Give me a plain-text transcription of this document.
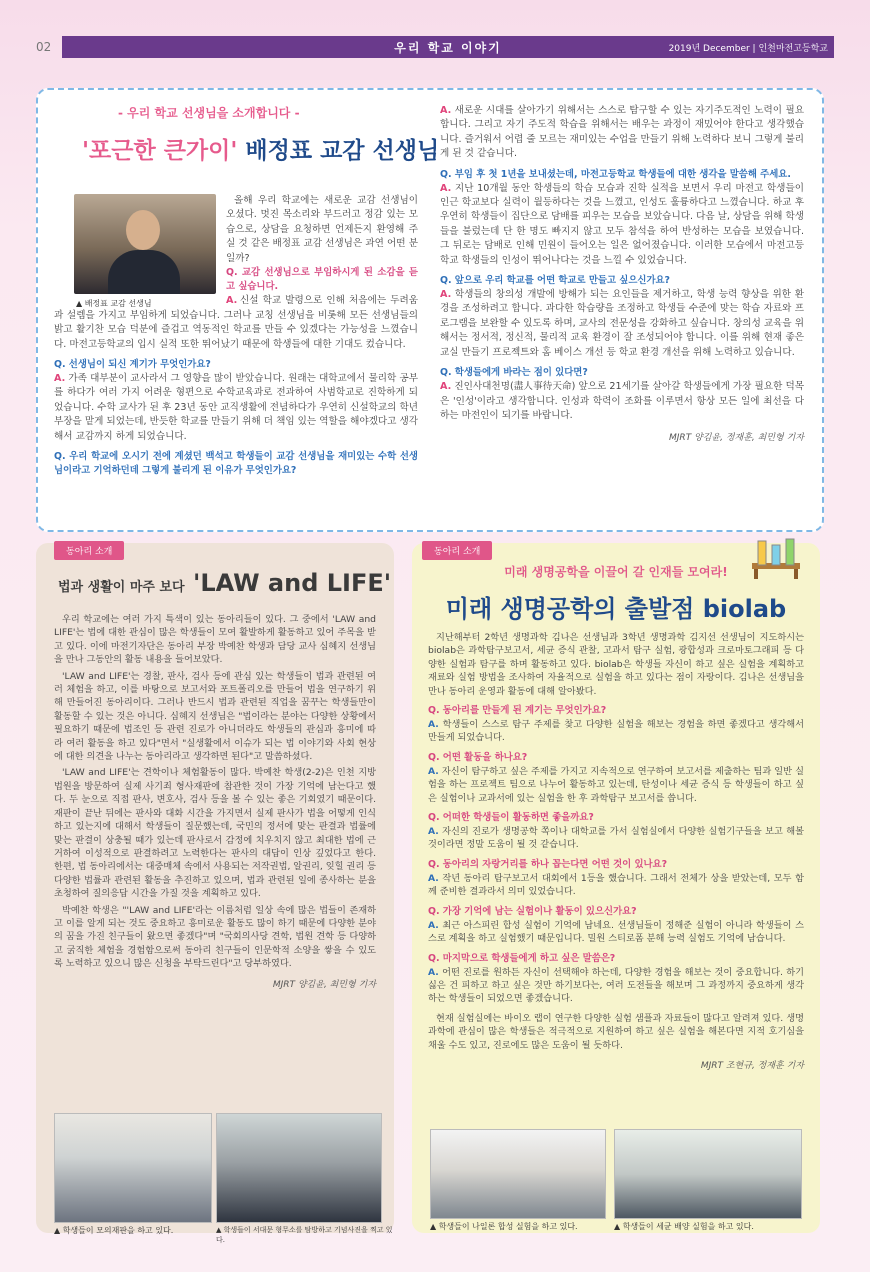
02	우리 학교 이야기	2019년 December | 인천마전고등학교
- 우리 학교 선생님을 소개합니다 -
'포근한 큰가이' 배정표 교감 선생님
▲ 배정표 교감 선생님

올해 우리 학교에는 새로운 교감 선생님이 오셨다. 멋진 목소리와 부드러고 정감 있는 모습으로, 상담을 요청하면 언제든지 환영해 주실 것 같은 배정표 교감 선생님은 과연 어떤 분일까?

Q. 교감 선생님으로 부임하시게 된 소감을 듣고 싶습니다.

A. 신설 학교 발령으로 인해 처음에는 두려움과 설렘을 가지고 부임하게 되었습니다. 그러나 교칭 선생님을 비롯해 모든 선생님들의 밝고 활기찬 모습 덕분에 즐겁고 역동적인 학교를 만들 수 있겠다는 가능성을 느꼈습니다. 마전고등학교의 입시 실적 또한 뛰어났기 때문에 학생들에 대한 기대도 컸습니다.

Q. 선생님이 되신 계기가 무엇인가요?

A. 가족 대부분이 교사라서 그 영향을 많이 받았습니다. 원래는 대학교에서 물리학 공부를 하다가 여러 가지 어려운 형편으로 수학교육과로 전과하여 사범학교로 진학하게 되었습니다. 수학 교사가 된 후 23년 동안 교직생활에 전념하다가 우연히 신설학교의 학년 부장을 맡게 되었는데, 반듯한 학교를 만들기 위해 더 책임 있는 역할을 해야겠다고 생각해서 교감까지 하게 되었습니다.

Q. 우리 학교에 오시기 전에 계셨던 백석고 학생들이 교감 선생님을 재미있는 수학 선생님이라고 기억하던데 그렇게 불리게 된 이유가 무엇인가요?

A. 새로운 시대를 살아가기 위해서는 스스로 탐구할 수 있는 자기주도적인 노력이 필요합니다. 그리고 자기 주도적 학습을 위해서는 배우는 과정이 재밌어야 한다고 생각했습니다. 즐거워서 어렵 줄 모르는 재미있는 수업을 만들기 위해 노력하다 보니 그렇게 불리게 된 것 같습니다.

Q. 부임 후 첫 1년을 보내셨는데, 마전고등학교 학생들에 대한 생각을 말씀해 주세요.

A. 지난 10개월 동안 학생들의 학습 모습과 진학 실적을 보면서 우리 마전고 학생들이 인근 학교보다 실력이 월등하다는 것을 느꼈고, 인성도 훌륭하다고 느꼈습니다. 하교 후 우연히 학생들이 집단으로 담배를 피우는 모습을 보았습니다. 다음 날, 상담을 위해 학생들을 불렀는데 단 한 명도 빠지지 않고 모두 참석을 하여 반성하는 모습을 보였습니다. 그 뒤로는 담배로 인해 민원이 들어오는 일은 없어졌습니다. 이러한 모습에서 마전고등학교 학생들의 인성이 뛰어나다는 것을 느낄 수 있었습니다.

Q. 앞으로 우리 학교를 어떤 학교로 만들고 싶으신가요?

A. 학생들의 창의성 개발에 방해가 되는 요인들을 제거하고, 학생 능력 향상을 위한 환경을 조성하려고 합니다. 과다한 학습량을 조정하고 학생들 수준에 맞는 학습 자료와 프로그램을 보완할 수 있도록 하며, 교사의 전문성을 강화하고 싶습니다. 창의성 교육을 위해서는 정서적, 정신적, 물리적 교육 환경이 잘 조성되어야 합니다. 이를 위해 현재 좋은 교실 만들기 프로젝트와 홈 베이스 개선 등 학교 환경 개선을 위해 노력하고 있습니다.

Q. 학생들에게 바라는 점이 있다면?

A. 진인사대천명(盡人事待天命) 앞으로 21세기를 살아갈 학생들에게 가장 필요한 덕목은 '인성'이라고 생각합니다. 인성과 학력이 조화를 이루면서 항상 모든 일에 최선을 다하는 마전인이 되기를 바랍니다.

MJRT 양김윤, 정재훈, 최민형 기자
동아리 소개
법과 생활이 마주 보다 'LAW and LIFE'

우리 학교에는 여러 가지 특색이 있는 동아리들이 있다. 그 중에서 'LAW and LIFE'는 법에 대한 관심이 많은 학생들이 모여 활발하게 활동하고 있어 주목을 받고 있다. 이에 마전기자단은 동아리 부장 박예찬 학생과 담당 교사 심혜지 선생님을 만나 그동안의 활동 내용을 들어보았다.

'LAW and LIFE'는 경찰, 판사, 검사 등에 관심 있는 학생들이 법과 관련된 여러 체험을 하고, 이를 바탕으로 보고서와 포트폴리오를 만들어 법을 연구하기 위해 만들어진 동아리이다. 그러나 반드시 법과 관련된 직업을 꿈꾸는 학생들만이 활동할 수 있는 것은 아니다. 심혜지 선생님은 "법이라는 분야는 다양한 상황에서 필요하기 때문에 법조인 등 관련 진로가 아니더라도 학생들의 관심과 흥미에 따라 여러 활동을 하고 있다"면서 "실생활에서 이슈가 되는 법 이야기와 사회 현상에 대한 의견을 나누는 동아리라고 생각하면 된다"고 말씀하셨다.

'LAW and LIFE'는 견학이나 체험활동이 많다. 박예찬 학생(2-2)은 인천 지방 법원을 방문하여 실제 사기죄 형사재판에 참관한 것이 가장 기억에 남는다고 했다. 두 눈으로 직접 판사, 변호사, 검사 등을 볼 수 있는 좋은 기회였기 때문이다. 재판이 끝난 뒤에는 판사와 대화 시간을 가지면서 실제 판사가 법을 어떻게 인식하고 있는지에 대해서 학생들이 질문했는데, 국민의 정서에 맞는 판결과 법률에 맞는 판결이 상충될 때가 있는데 판사로서 감정에 치우치지 않고 최대한 법에 근거하여 이성적으로 판결하려고 노력한다는 판사의 대답이 인상 깊었다고 한다. 한편, 법 동아리에서는 대중매체 속에서 사용되는 저작권법, 알권리, 잊힐 권리 등 다양한 법률과 관련된 활동을 추진하고 있으며, 법과 관련된 일에 종사하는 분을 초청하여 질의응답 시간을 가질 것을 계획하고 있다.

박예찬 학생은 "'LAW and LIFE'라는 이름처럼 일상 속에 많은 법들이 존재하고 이를 알게 되는 것도 중요하고 흥미로운 활동도 많이 하기 때문에 다양한 분야의 꿈을 가진 친구들이 왔으면 좋겠다"며 "국회의사당 견학, 법원 견학 등 다양하고 굵직한 체험을 경험함으로써 동아리 친구들이 인문학적 소양을 쌓을 수 있도록 노력하고 있으니 많은 신청을 부탁드린다"고 당부하였다.

MJRT 양김윤, 최민형 기자
▲ 학생들이 모의재판을 하고 있다.	▲ 학생들이 서대문 형무소를 탐방하고 기념사진을 찍고 있다.
동아리 소개
미래 생명공학을 이끌어 갈 인재들 모여라!
미래 생명공학의 출발점 biolab

지난해부터 2학년 생명과학 김나은 선생님과 3학년 생명과학 김지선 선생님이 지도하시는 biolab은 과학탐구보고서, 세균 증식 관찰, 고과서 탐구 실험, 광합성과 크로마토그래피 등 다양한 실험과 탐구를 하며 활동하고 있다. biolab은 학생들 자신이 하고 싶은 실험을 계획하고 재료와 실험 방법을 조사하여 자율적으로 실험을 하고 있다는 점이 자랑이다. 김나은 선생님을 만나 동아리 운영과 활동에 대해 알아봤다.

Q. 동아리를 만들게 된 계기는 무엇인가요?

A. 학생들이 스스로 탐구 주제를 찾고 다양한 실험을 해보는 경험을 하면 좋겠다고 생각해서 만들게 되었습니다.

Q. 어떤 활동을 하나요?

A. 자신이 탐구하고 싶은 주제를 가지고 지속적으로 연구하여 보고서를 제출하는 팀과 일반 실험을 하는 프로젝트 팀으로 나누어 활동하고 있는데, 탄성이나 세균 증식 등 학생들이 하고 싶은 실험이나 교과서에 있는 실험을 한 후 과학탐구 보고서를 씁니다.

Q. 어떠한 학생들이 활동하면 좋을까요?

A. 자신의 진로가 생명공학 쪽이나 대학교를 가서 실험실에서 다양한 실험기구들을 보고 해볼 것이라면 정말 도움이 될 것 같습니다.

Q. 동아리의 자랑거리를 하나 꼽는다면 어떤 것이 있나요?

A. 작년 동아리 탐구보고서 대회에서 1등을 했습니다. 그래서 전체가 상을 받았는데, 모두 함께 준비한 결과라서 의미 있었습니다.

Q. 가장 기억에 남는 실험이나 활동이 있으신가요?

A. 최근 아스피린 합성 실험이 기억에 남네요. 선생님들이 정해준 실험이 아니라 학생들이 스스로 계획을 하고 실험했기 때문입니다. 밀원 스티로폼 분해 능력 실험도 기억에 남습니다.

Q. 마지막으로 학생들에게 하고 싶은 말씀은?

A. 어떤 진로를 원하든 자신이 선택해야 하는데, 다양한 경험을 해보는 것이 중요합니다. 하기 싫은 건 피하고 하고 싶은 것만 하기보다는, 여러 도전들을 해보며 그 과정까지 중요하게 생각하는 학생들이 되었으면 좋겠습니다.

현재 실험실에는 바이오 랩이 연구한 다양한 실험 샘플과 자료들이 많다고 알려져 있다. 생명과학에 관심이 많은 학생들은 적극적으로 지원하여 하고 싶은 실험을 해본다면 지적 호기심을 채울 수도 있고, 진로에도 많은 도움이 될 듯하다.

MJRT 조현규, 정재훈 기자
▲ 학생들이 나일론 합성 실험을 하고 있다.	▲ 학생들이 세균 배양 실험을 하고 있다.
